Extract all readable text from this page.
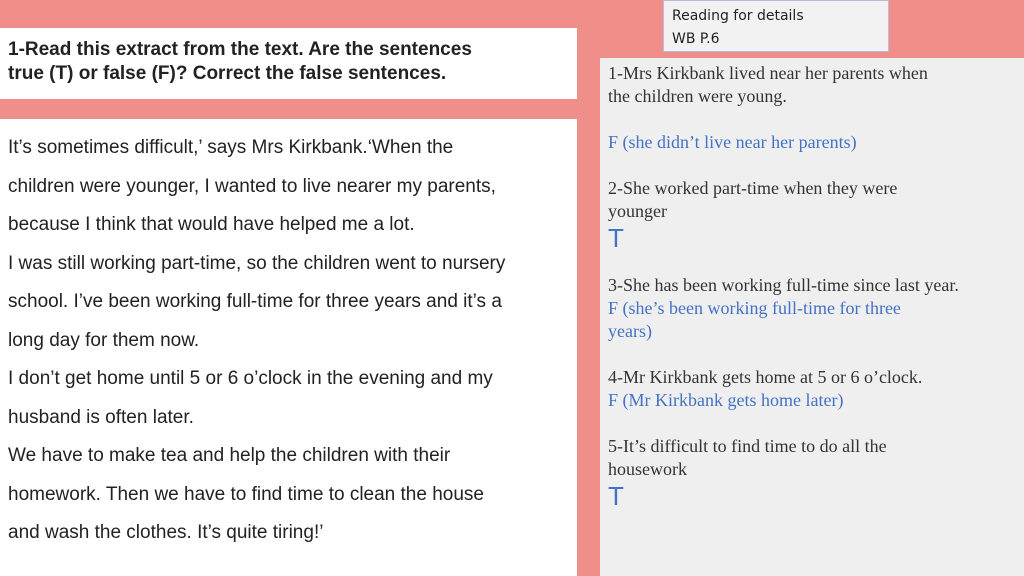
Reading for details
WB P.6

1-Read this extract from the text. Are the sentences

true (T) or false (F)? Correct the false sentences.

It’s sometimes difficult,’ says Mrs Kirkbank.‘When the

children were younger, I wanted to live nearer my parents,

because I think that would have helped me a lot.

I was still working part-time, so the children went to nursery

school. I’ve been working full-time for three years and it’s a

long day for them now.

I don’t get home until 5 or 6 o’clock in the evening and my

husband is often later.

We have to make tea and help the children with their

homework. Then we have to find time to clean the house

and wash the clothes. It’s quite tiring!’

1-Mrs Kirkbank lived near her parents when

the children were young.

F (she didn’t live near her parents)

2-She worked part-time when they were

younger

T

3-She has been working full-time since last year.

F (she’s been working full-time for three

years)

4-Mr Kirkbank gets home at 5 or 6 o’clock.

F (Mr Kirkbank gets home later)

5-It’s difficult to find time to do all the

housework

T
